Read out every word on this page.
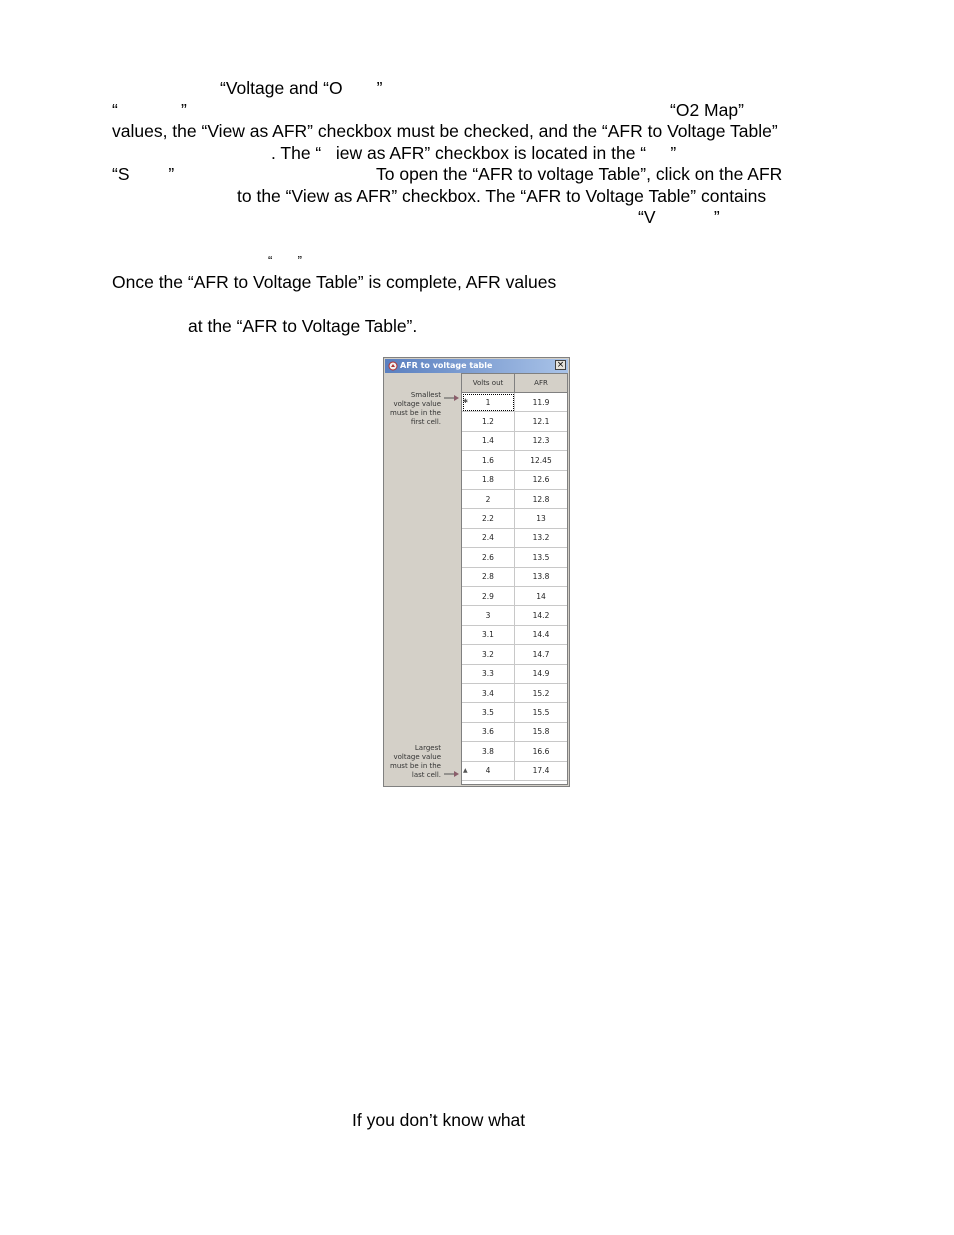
“Voltage and “O       ”
“             ”	“O2 Map”
values, the “View as AFR” checkbox must be checked, and the “AFR to Voltage Table”
. The “   iew as AFR” checkbox is located in the “     ”
“S        ”	To open the “AFR to voltage Table”, click on the AFR
to the “View as AFR” checkbox. The “AFR to Voltage Table” contains
“V            ”
“       ”
Once the “AFR to Voltage Table” is complete, AFR values
at the “AFR to Voltage Table”.
AFR to voltage table	×
Smallest
voltage value
must be in the
first cell.
Largest
voltage value
must be in the
last cell.
Volts out	AFR
1	11.9
✱
1.2	12.1
1.4	12.3
1.6	12.45
1.8	12.6
2	12.8
2.2	13
2.4	13.2
2.6	13.5
2.8	13.8
2.9	14
3	14.2
3.1	14.4
3.2	14.7
3.3	14.9
3.4	15.2
3.5	15.5
3.6	15.8
3.8	16.6
4	17.4
▲
If you don’t know what
